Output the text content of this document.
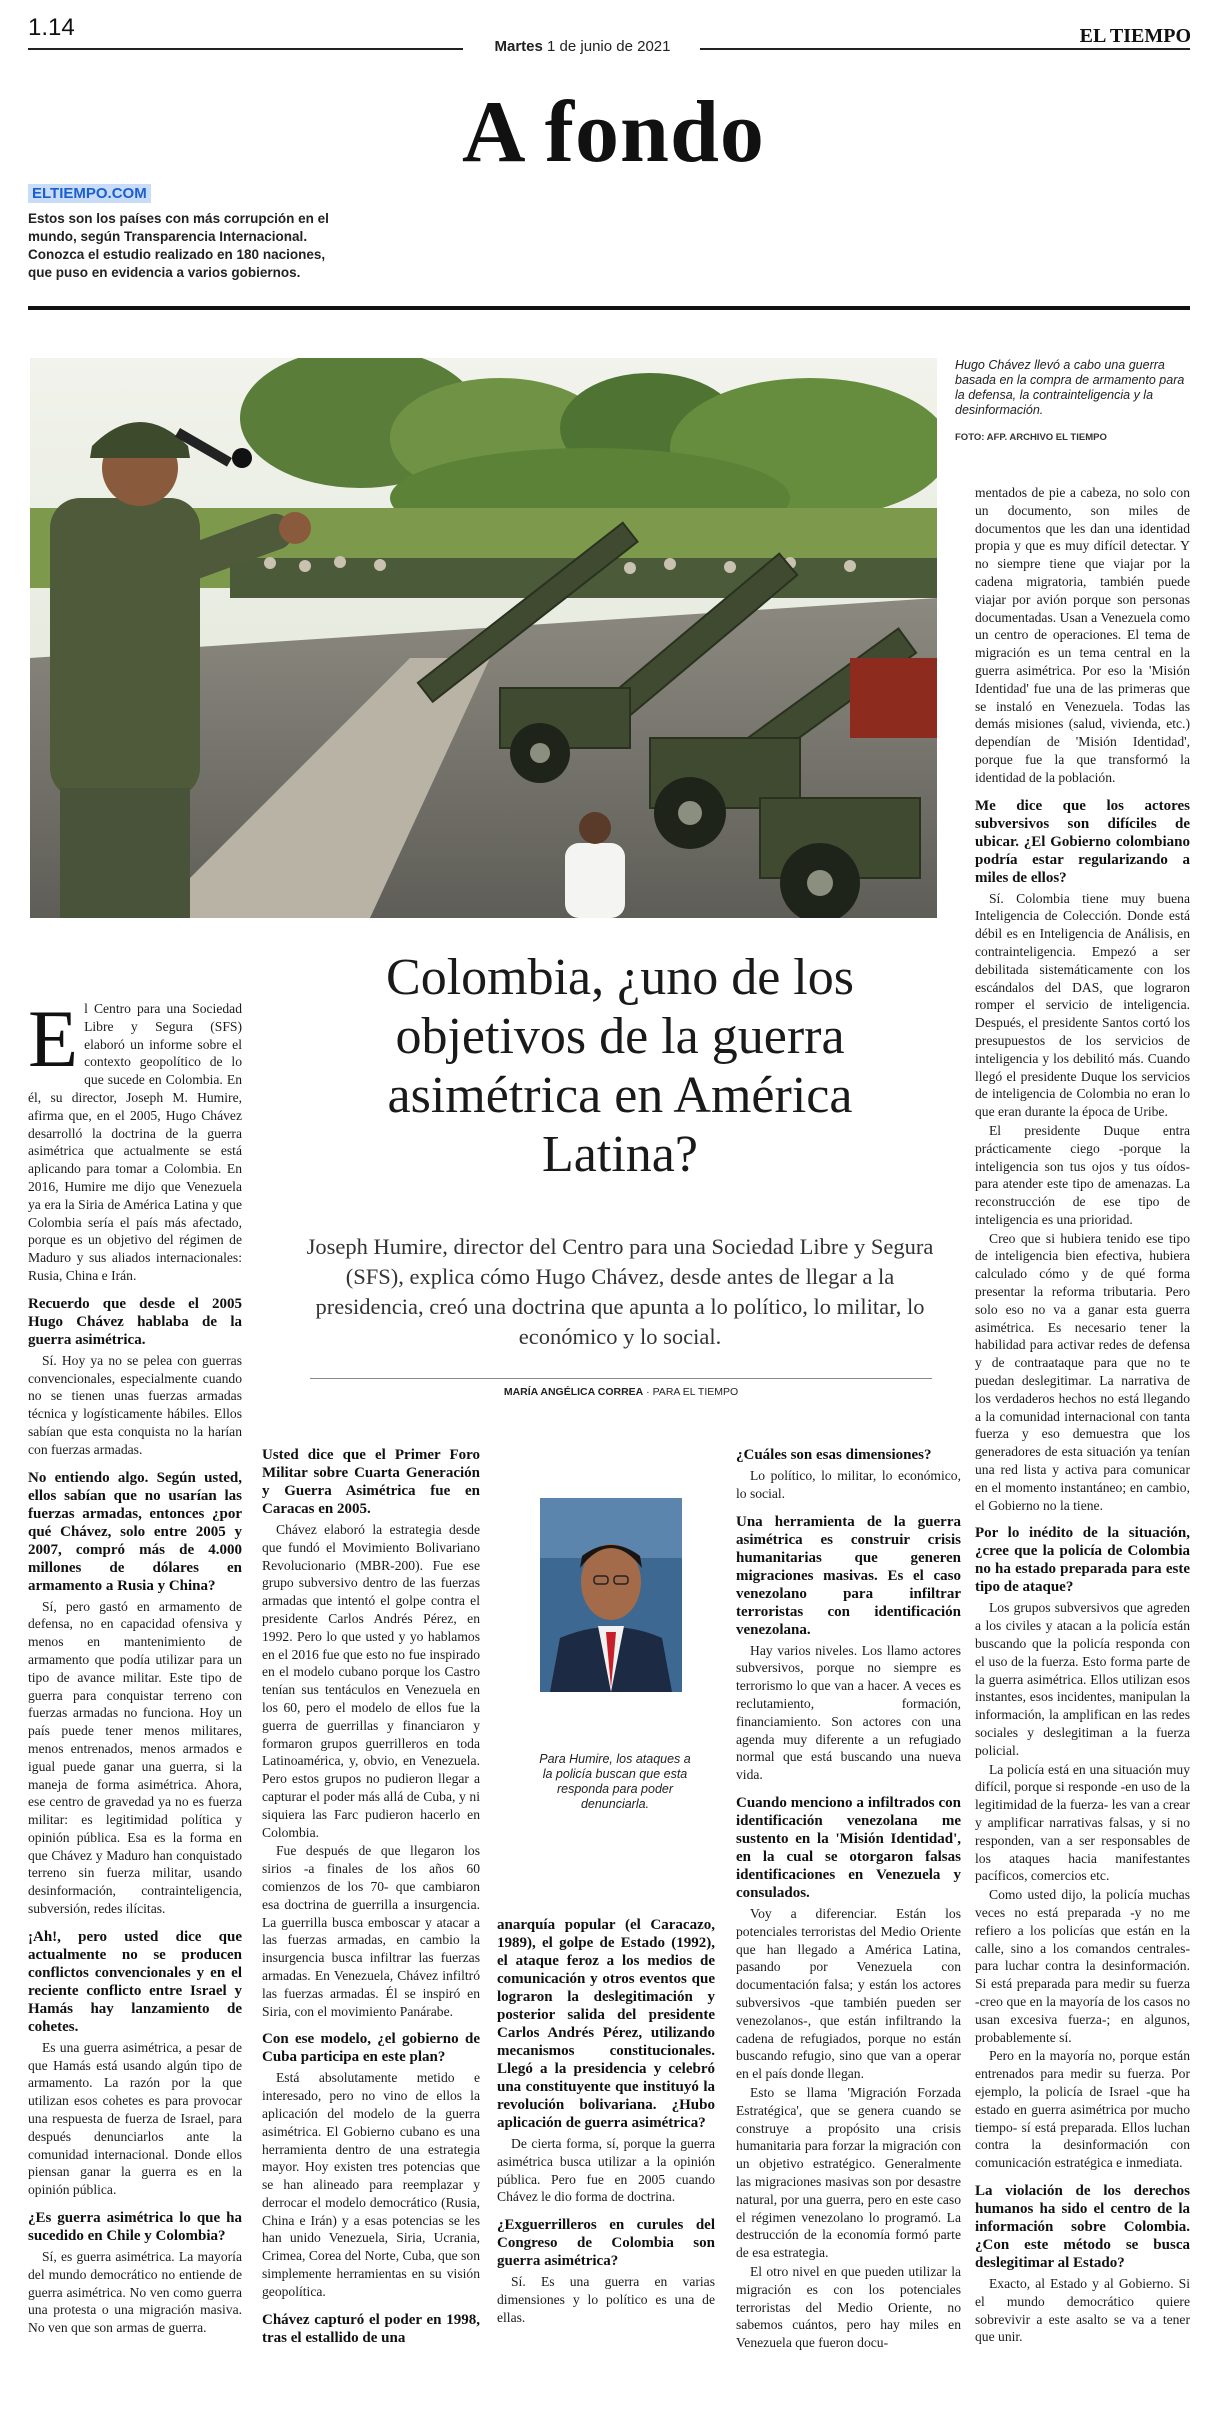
1.14
Martes 1 de junio de 2021	EL TIEMPO
A fondo
ELTIEMPO.COM
Estos son los países con más corrupción en el mundo, según Transparencia Internacional. Conozca el estudio realizado en 180 naciones, que puso en evidencia a varios gobiernos.
Hugo Chávez llevó a cabo una guerra basada en la compra de armamento para la defensa, la contrainteligencia y la desinformación.
FOTO: AFP. ARCHIVO EL TIEMPO
Colombia, ¿uno de los objetivos de la guerra asimétrica en América Latina?
Joseph Humire, director del Centro para una Sociedad Libre y Segura (SFS), explica cómo Hugo Chávez, desde antes de llegar a la presidencia, creó una doctrina que apunta a lo político, lo militar, lo económico y lo social.
MARÍA ANGÉLICA CORREA · PARA EL TIEMPO

El Centro para una Sociedad Libre y Segura (SFS) elaboró un informe sobre el contexto geopolítico de lo que sucede en Colombia. En él, su director, Joseph M. Humire, afirma que, en el 2005, Hugo Chávez desarrolló la doctrina de la guerra asimétrica que actualmente se está aplicando para tomar a Colombia. En 2016, Humire me dijo que Venezuela ya era la Siria de América Latina y que Colombia sería el país más afectado, porque es un objetivo del régimen de Maduro y sus aliados internacionales: Rusia, China e Irán.

Recuerdo que desde el 2005 Hugo Chávez hablaba de la guerra asimétrica.

Sí. Hoy ya no se pelea con guerras convencionales, especialmente cuando no se tienen unas fuerzas armadas técnica y logísticamente hábiles. Ellos sabían que esta conquista no la harían con fuerzas armadas.

No entiendo algo. Según usted, ellos sabían que no usarían las fuerzas armadas, entonces ¿por qué Chávez, solo entre 2005 y 2007, compró más de 4.000 millones de dólares en armamento a Rusia y China?

Sí, pero gastó en armamento de defensa, no en capacidad ofensiva y menos en mantenimiento de armamento que podía utilizar para un tipo de avance militar. Este tipo de guerra para conquistar terreno con fuerzas armadas no funciona. Hoy un país puede tener menos militares, menos entrenados, menos armados e igual puede ganar una guerra, si la maneja de forma asimétrica. Ahora, ese centro de gravedad ya no es fuerza militar: es legitimidad política y opinión pública. Esa es la forma en que Chávez y Maduro han conquistado terreno sin fuerza militar, usando desinformación, contrainteligencia, subversión, redes ilícitas.

¡Ah!, pero usted dice que actualmente no se producen conflictos convencionales y en el reciente conflicto entre Israel y Hamás hay lanzamiento de cohetes.

Es una guerra asimétrica, a pesar de que Hamás está usando algún tipo de armamento. La razón por la que utilizan esos cohetes es para provocar una respuesta de fuerza de Israel, para después denunciarlos ante la comunidad internacional. Donde ellos piensan ganar la guerra es en la opinión pública.

¿Es guerra asimétrica lo que ha sucedido en Chile y Colombia?

Sí, es guerra asimétrica. La mayoría del mundo democrático no entiende de guerra asimétrica. No ven como guerra una protesta o una migración masiva. No ven que son armas de guerra.

Usted dice que el Primer Foro Militar sobre Cuarta Generación y Guerra Asimétrica fue en Caracas en 2005.

Chávez elaboró la estrategia desde que fundó el Movimiento Bolivariano Revolucionario (MBR-200). Fue ese grupo subversivo dentro de las fuerzas armadas que intentó el golpe contra el presidente Carlos Andrés Pérez, en 1992. Pero lo que usted y yo hablamos en el 2016 fue que esto no fue inspirado en el modelo cubano porque los Castro tenían sus tentáculos en Venezuela en los 60, pero el modelo de ellos fue la guerra de guerrillas y financiaron y formaron grupos guerrilleros en toda Latinoamérica, y, obvio, en Venezuela. Pero estos grupos no pudieron llegar a capturar el poder más allá de Cuba, y ni siquiera las Farc pudieron hacerlo en Colombia.

Fue después de que llegaron los sirios -a finales de los años 60 comienzos de los 70- que cambiaron esa doctrina de guerrilla a insurgencia. La guerrilla busca emboscar y atacar a las fuerzas armadas, en cambio la insurgencia busca infiltrar las fuerzas armadas. En Venezuela, Chávez infiltró las fuerzas armadas. Él se inspiró en Siria, con el movimiento Panárabe.

Con ese modelo, ¿el gobierno de Cuba participa en este plan?

Está absolutamente metido e interesado, pero no vino de ellos la aplicación del modelo de la guerra asimétrica. El Gobierno cubano es una herramienta dentro de una estrategia mayor. Hoy existen tres potencias que se han alineado para reemplazar y derrocar el modelo democrático (Rusia, China e Irán) y a esas potencias se les han unido Venezuela, Siria, Ucrania, Crimea, Corea del Norte, Cuba, que son simplemente herramientas en su visión geopolítica.

Chávez capturó el poder en 1998, tras el estallido de una

Para Humire, los ataques a la policía buscan que esta responda para poder denunciarla.

anarquía popular (el Caracazo, 1989), el golpe de Estado (1992), el ataque feroz a los medios de comunicación y otros eventos que lograron la deslegitimación y posterior salida del presidente Carlos Andrés Pérez, utilizando mecanismos constitucionales. Llegó a la presidencia y celebró una constituyente que instituyó la revolución bolivariana. ¿Hubo aplicación de guerra asimétrica?

De cierta forma, sí, porque la guerra asimétrica busca utilizar a la opinión pública. Pero fue en 2005 cuando Chávez le dio forma de doctrina.

¿Exguerrilleros en curules del Congreso de Colombia son guerra asimétrica?

Sí. Es una guerra en varias dimensiones y lo político es una de ellas.

¿Cuáles son esas dimensiones?

Lo político, lo militar, lo económico, lo social.

Una herramienta de la guerra asimétrica es construir crisis humanitarias que generen migraciones masivas. Es el caso venezolano para infiltrar terroristas con identificación venezolana.

Hay varios niveles. Los llamo actores subversivos, porque no siempre es terrorismo lo que van a hacer. A veces es reclutamiento, formación, financiamiento. Son actores con una agenda muy diferente a un refugiado normal que está buscando una nueva vida.

Cuando menciono a infiltrados con identificación venezolana me sustento en la 'Misión Identidad', en la cual se otorgaron falsas identificaciones en Venezuela y consulados.

Voy a diferenciar. Están los potenciales terroristas del Medio Oriente que han llegado a América Latina, pasando por Venezuela con documentación falsa; y están los actores subversivos -que también pueden ser venezolanos-, que están infiltrando la cadena de refugiados, porque no están buscando refugio, sino que van a operar en el país donde llegan.

Esto se llama 'Migración Forzada Estratégica', que se genera cuando se construye a propósito una crisis humanitaria para forzar la migración con un objetivo estratégico. Generalmente las migraciones masivas son por desastre natural, por una guerra, pero en este caso el régimen venezolano lo programó. La destrucción de la economía formó parte de esa estrategia.

El otro nivel en que pueden utilizar la migración es con los potenciales terroristas del Medio Oriente, no sabemos cuántos, pero hay miles en Venezuela que fueron docu-

mentados de pie a cabeza, no solo con un documento, son miles de documentos que les dan una identidad propia y que es muy difícil detectar. Y no siempre tiene que viajar por la cadena migratoria, también puede viajar por avión porque son personas documentadas. Usan a Venezuela como un centro de operaciones. El tema de migración es un tema central en la guerra asimétrica. Por eso la 'Misión Identidad' fue una de las primeras que se instaló en Venezuela. Todas las demás misiones (salud, vivienda, etc.) dependían de 'Misión Identidad', porque fue la que transformó la identidad de la población.

Me dice que los actores subversivos son difíciles de ubicar. ¿El Gobierno colombiano podría estar regularizando a miles de ellos?

Sí. Colombia tiene muy buena Inteligencia de Colección. Donde está débil es en Inteligencia de Análisis, en contrainteligencia. Empezó a ser debilitada sistemáticamente con los escándalos del DAS, que lograron romper el servicio de inteligencia. Después, el presidente Santos cortó los presupuestos de los servicios de inteligencia y los debilitó más. Cuando llegó el presidente Duque los servicios de inteligencia de Colombia no eran lo que eran durante la época de Uribe.

El presidente Duque entra prácticamente ciego -porque la inteligencia son tus ojos y tus oídos- para atender este tipo de amenazas. La reconstrucción de ese tipo de inteligencia es una prioridad.

Creo que si hubiera tenido ese tipo de inteligencia bien efectiva, hubiera calculado cómo y de qué forma presentar la reforma tributaria. Pero solo eso no va a ganar esta guerra asimétrica. Es necesario tener la habilidad para activar redes de defensa y de contraataque para que no te puedan deslegitimar. La narrativa de los verdaderos hechos no está llegando a la comunidad internacional con tanta fuerza y eso demuestra que los generadores de esta situación ya tenían una red lista y activa para comunicar en el momento instantáneo; en cambio, el Gobierno no la tiene.

Por lo inédito de la situación, ¿cree que la policía de Colombia no ha estado preparada para este tipo de ataque?

Los grupos subversivos que agreden a los civiles y atacan a la policía están buscando que la policía responda con el uso de la fuerza. Esto forma parte de la guerra asimétrica. Ellos utilizan esos instantes, esos incidentes, manipulan la información, la amplifican en las redes sociales y deslegitiman a la fuerza policial.

La policía está en una situación muy difícil, porque si responde -en uso de la legitimidad de la fuerza- les van a crear y amplificar narrativas falsas, y si no responden, van a ser responsables de los ataques hacia manifestantes pacíficos, comercios etc.

Como usted dijo, la policía muchas veces no está preparada -y no me refiero a los policías que están en la calle, sino a los comandos centrales- para luchar contra la desinformación. Si está preparada para medir su fuerza -creo que en la mayoría de los casos no usan excesiva fuerza-; en algunos, probablemente sí.

Pero en la mayoría no, porque están entrenados para medir su fuerza. Por ejemplo, la policía de Israel -que ha estado en guerra asimétrica por mucho tiempo- sí está preparada. Ellos luchan contra la desinformación con comunicación estratégica e inmediata.

La violación de los derechos humanos ha sido el centro de la información sobre Colombia. ¿Con este método se busca deslegitimar al Estado?

Exacto, al Estado y al Gobierno. Si el mundo democrático quiere sobrevivir a este asalto se va a tener que unir.
